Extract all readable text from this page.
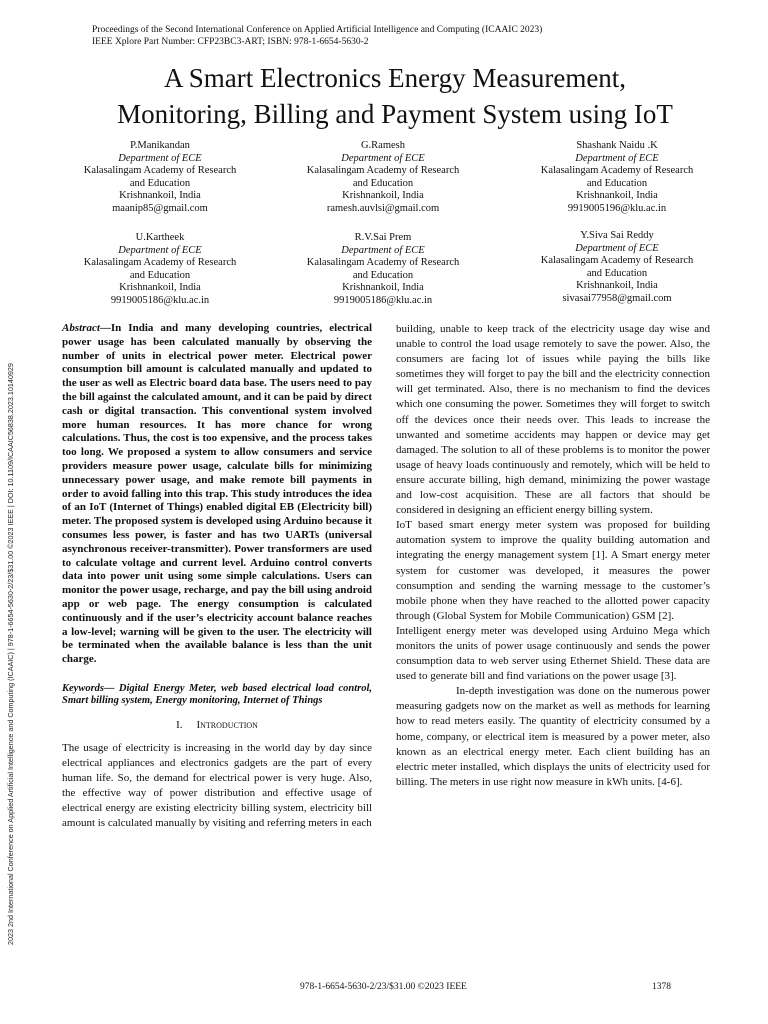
Proceedings of the Second International Conference on Applied Artificial Intelligence and Computing (ICAAIC 2023)
IEEE Xplore Part Number: CFP23BC3-ART; ISBN: 978-1-6654-5630-2
A Smart Electronics Energy Measurement,
Monitoring, Billing and Payment System using IoT
P.Manikandan
Department of ECE
Kalasalingam Academy of Research
and Education
Krishnankoil, India
maanip85@gmail.com
G.Ramesh
Department of ECE
Kalasalingam Academy of Research
and Education
Krishnankoil, India
ramesh.auvlsi@gmail.com
Shashank Naidu .K
Department of ECE
Kalasalingam Academy of Research
and Education
Krishnankoil, India
9919005196@klu.ac.in
U.Kartheek
Department of ECE
Kalasalingam Academy of Research
and Education
Krishnankoil, India
9919005186@klu.ac.in
R.V.Sai Prem
Department of ECE
Kalasalingam Academy of Research
and Education
Krishnankoil, India
9919005186@klu.ac.in
Y.Siva Sai Reddy
Department of ECE
Kalasalingam Academy of Research
and Education
Krishnankoil, India
sivasai77958@gmail.com
2023 2nd International Conference on Applied Artificial Intelligence and Computing (ICAAIC) | 978-1-6654-5630-2/23/$31.00 ©2023 IEEE | DOI: 10.1109/ICAAIC56838.2023.10140929

Abstract—In India and many developing countries, electrical power usage has been calculated manually by observing the number of units in electrical power meter. Electrical power consumption bill amount is calculated manually and updated to the user as well as Electric board data base. The users need to pay the bill against the calculated amount, and it can be paid by direct cash or digital transaction. This conventional system involved more human resources. It has more chance for wrong calculations. Thus, the cost is too expensive, and the process takes too long. We proposed a system to allow consumers and service providers measure power usage, calculate bills for minimizing unnecessary power usage, and make remote bill payments in order to avoid falling into this trap. This study introduces the idea of an IoT (Internet of Things) enabled digital EB (Electricity bill) meter. The proposed system is developed using Arduino because it consumes less power, is faster and has two UARTs (universal asynchronous receiver-transmitter). Power transformers are used to calculate voltage and current level. Arduino control converts data into power unit using some simple calculations. Users can monitor the power usage, recharge, and pay the bill using android app or web page. The energy consumption is calculated continuously and if the user’s electricity account balance reaches a low-level; warning will be given to the user. The electricity will be terminated when the available balance is less than the unit charge.

Keywords— Digital Energy Meter, web based electrical load control, Smart billing system, Energy monitoring, Internet of Things

I. Introduction

The usage of electricity is increasing in the world day by day since electrical appliances and electronics gadgets are the part of every human life. So, the demand for electrical power is very huge. Also, the effective way of power distribution and effective usage of electrical energy are existing electricity billing system, electricity bill amount is calculated manually by visiting and referring meters in each

building, unable to keep track of the electricity usage day wise and unable to control the load usage remotely to save the power. Also, the consumers are facing lot of issues while paying the bills like sometimes they will forget to pay the bill and the electricity connection will get terminated. Also, there is no mechanism to find the devices which one consuming the power. Sometimes they will forget to switch off the devices once their needs over. This leads to increase the unwanted and sometime accidents may happen or device may get damaged. The solution to all of these problems is to monitor the power usage of heavy loads continuously and remotely, which will be held to ensure accurate billing, high demand, minimizing the power wastage and low-cost acquisition. These are all factors that should be considered in designing an efficient energy billing system.

IoT based smart energy meter system was proposed for building automation system to improve the quality building automation and integrating the energy management system [1]. A Smart energy meter system for customer was developed, it measures the power consumption and sending the warning message to the customer’s mobile phone when they have reached to the allotted power capacity through (Global System for Mobile Communication) GSM [2].

Intelligent energy meter was developed using Arduino Mega which monitors the units of power usage continuously and sends the power consumption data to web server using Ethernet Shield. These data are used to generate bill and find variations on the power usage [3].

In-depth investigation was done on the numerous power measuring gadgets now on the market as well as methods for learning how to read meters easily. The quantity of electricity consumed by a home, company, or electrical item is measured by a power meter, also known as an electrical energy meter. Each client building has an electric meter installed, which displays the units of electricity used for billing. The meters in use right now measure in kWh units. [4-6].

978-1-6654-5630-2/23/$31.00 ©2023 IEEE	1378
